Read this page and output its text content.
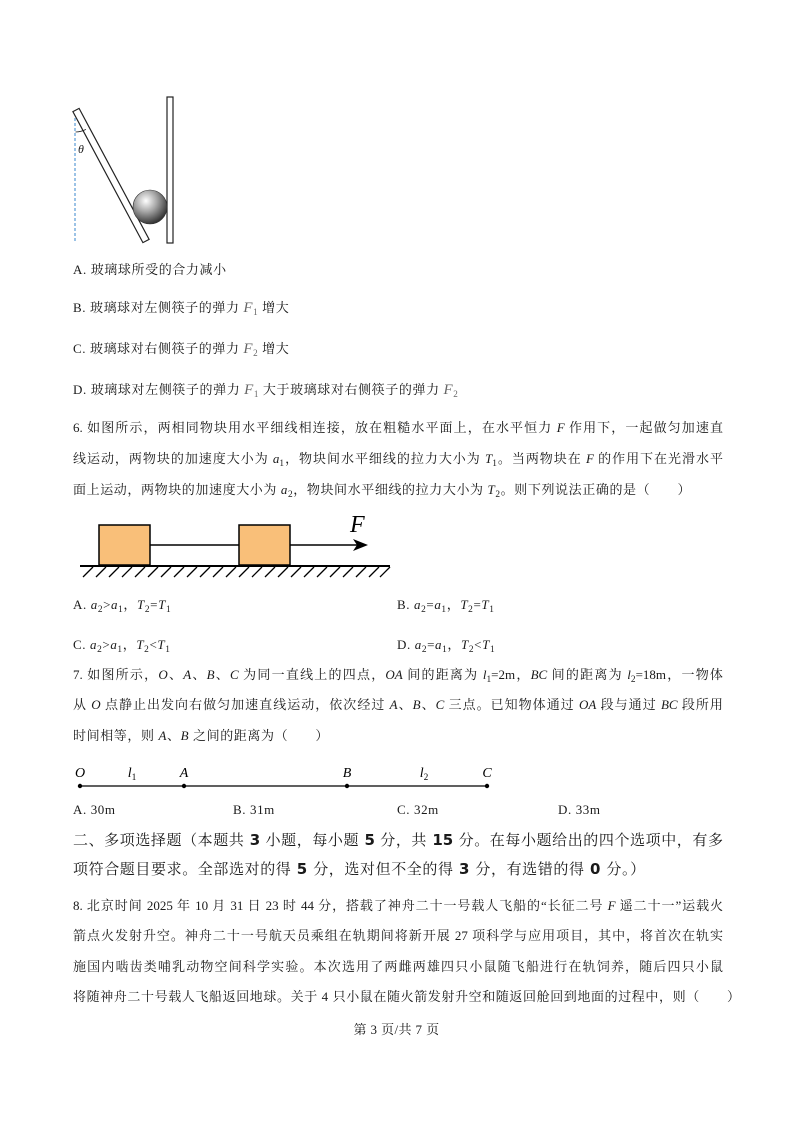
θ
A. 玻璃球所受的合力减小
B. 玻璃球对左侧筷子的弹力 $F_1$ 增大
C. 玻璃球对右侧筷子的弹力 $F_2$ 增大
D. 玻璃球对左侧筷子的弹力 $F_1$ 大于玻璃球对右侧筷子的弹力 $F_2$
6. 如图所示，两相同物块用水平细线相连接，放在粗糙水平面上，在水平恒力 F 作用下，一起做匀加速直
线运动，两物块的加速度大小为 $a_1$，物块间水平细线的拉力大小为 $T_1$。当两物块在 F 的作用下在光滑水平
面上运动，两物块的加速度大小为 $a_2$，物块间水平细线的拉力大小为 $T_2$。则下列说法正确的是（　　）
F
A. $a_2>a_1$，$T_2=T_1$	B. $a_2=a_1$，$T_2=T_1$
C. $a_2>a_1$，$T_2<T_1$	D. $a_2=a_1$，$T_2<T_1$
7. 如图所示，O、A、B、C 为同一直线上的四点，OA 间的距离为 $l_1=2m$，BC 间的距离为 $l_2=18m$，一物体
从 O 点静止出发向右做匀加速直线运动，依次经过 A、B、C 三点。已知物体通过 OA 段与通过 BC 段所用
时间相等，则 A、B 之间的距离为（　　）
O	$l_1$	A	B	$l_2$	C
A. 30m	B. 31m	C. 32m	D. 33m
二、多项选择题（本题共 3 小题，每小题 5 分，共 15 分。在每小题给出的四个选项中，有多
项符合题目要求。全部选对的得 5 分，选对但不全的得 3 分，有选错的得 0 分。）
8. 北京时间 2025 年 10 月 31 日 23 时 44 分，搭载了神舟二十一号载人飞船的“长征二号 F 遥二十一”运载火
箭点火发射升空。神舟二十一号航天员乘组在轨期间将新开展 27 项科学与应用项目，其中，将首次在轨实
施国内啮齿类哺乳动物空间科学实验。本次选用了两雌两雄四只小鼠随飞船进行在轨饲养，随后四只小鼠
将随神舟二十号载人飞船返回地球。关于 4 只小鼠在随火箭发射升空和随返回舱回到地面的过程中，则（　　）
第 3 页/共 7 页
